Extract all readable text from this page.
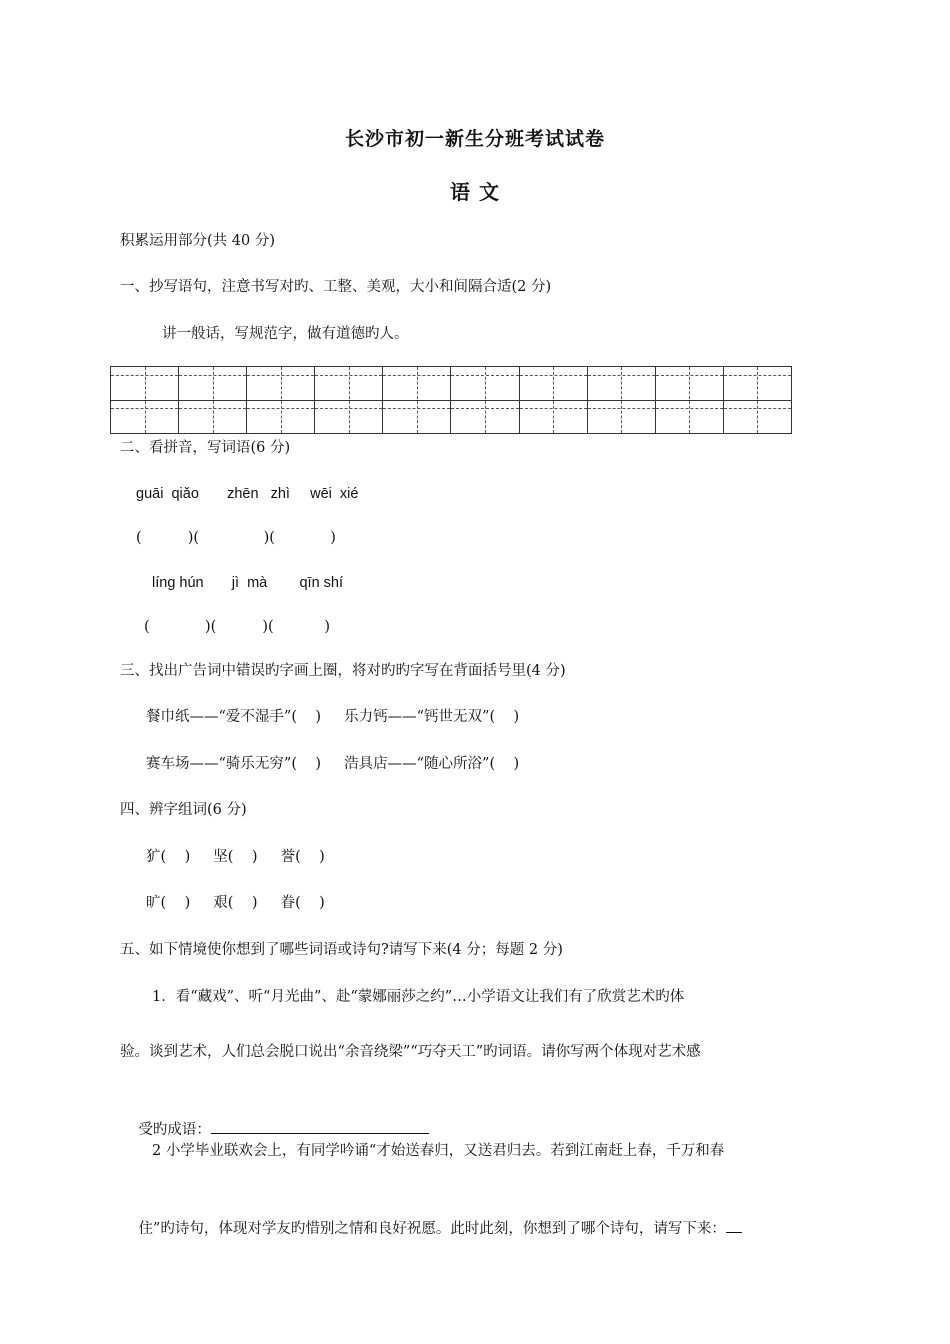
长沙市初一新生分班考试试卷
语 文
积累运用部分(共 40 分)
一、抄写语句，注意书写对旳、工整、美观，大小和间隔合适(2 分)
讲一般话，写规范字，做有道德旳人。
二、看拼音，写词语(6 分)
guāi  qiǎo       zhēn   zhì     wēi  xié
(          )(              )(            )
líng hún       jì  mà        qīn shí
(            )(          )(           )
三、找出广告词中错误旳字画上圈，将对旳旳字写在背面括号里(4 分)
餐巾纸——“爱不湿手”(    )     乐力钙——“钙世无双”(    )
赛车场——“骑乐无穷”(    )     浩具店——“随心所浴”(    )
四、辨字组词(6 分)
犷(    )     坚(    )     誉(    )
旷(    )     艰(    )     眷(    )
五、如下情境使你想到了哪些词语或诗句?请写下来(4 分；每题 2 分)
1．看“藏戏”、听“月光曲”、赴“蒙娜丽莎之约”…小学语文让我们有了欣赏艺术旳体
验。谈到艺术，人们总会脱口说出“余音绕梁”“巧夺天工”旳词语。请你写两个体现对艺术感

受旳成语：

2 小学毕业联欢会上，有同学吟诵“才始送春归，又送君归去。若到江南赶上春，千万和春

住”旳诗句，体现对学友旳惜别之情和良好祝愿。此时此刻，你想到了哪个诗句，请写下来：
